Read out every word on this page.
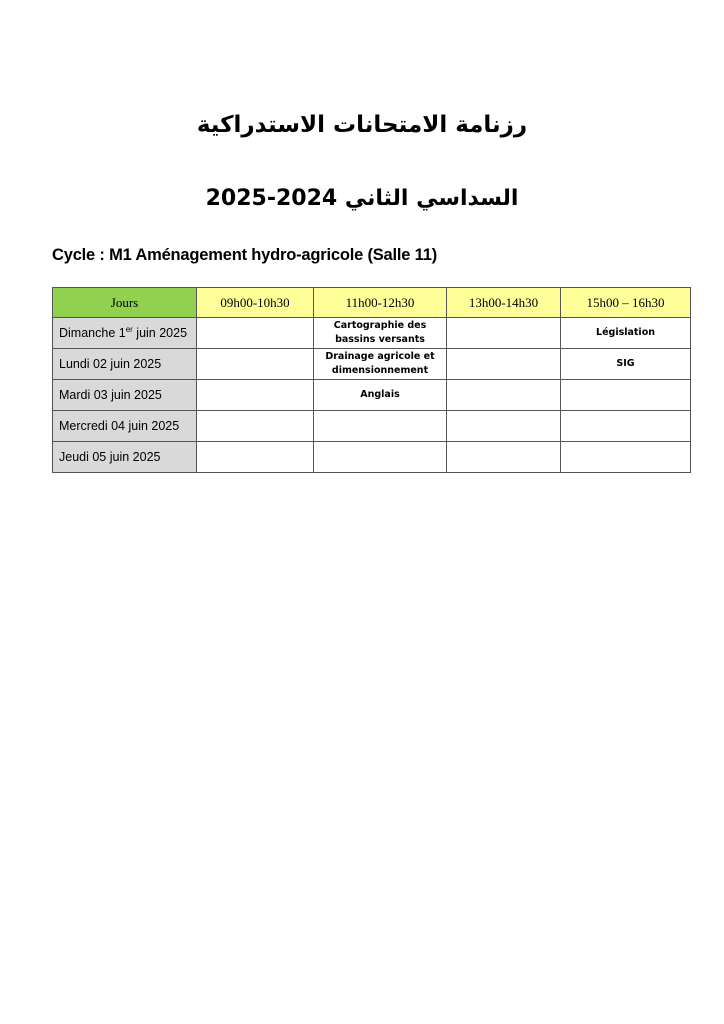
رزنامة الامتحانات الاستدراكية
السداسي الثاني 2024-2025
Cycle : M1 Aménagement hydro-agricole (Salle 11)
Jours	09h00-10h30	11h00-12h30	13h00-14h30	15h00 – 16h30
Dimanche 1er juin 2025		Cartographie des bassins versants		Législation
Lundi 02 juin 2025		Drainage agricole et dimensionnement		SIG
Mardi 03 juin 2025		Anglais		
Mercredi 04 juin 2025				
Jeudi 05 juin 2025				
